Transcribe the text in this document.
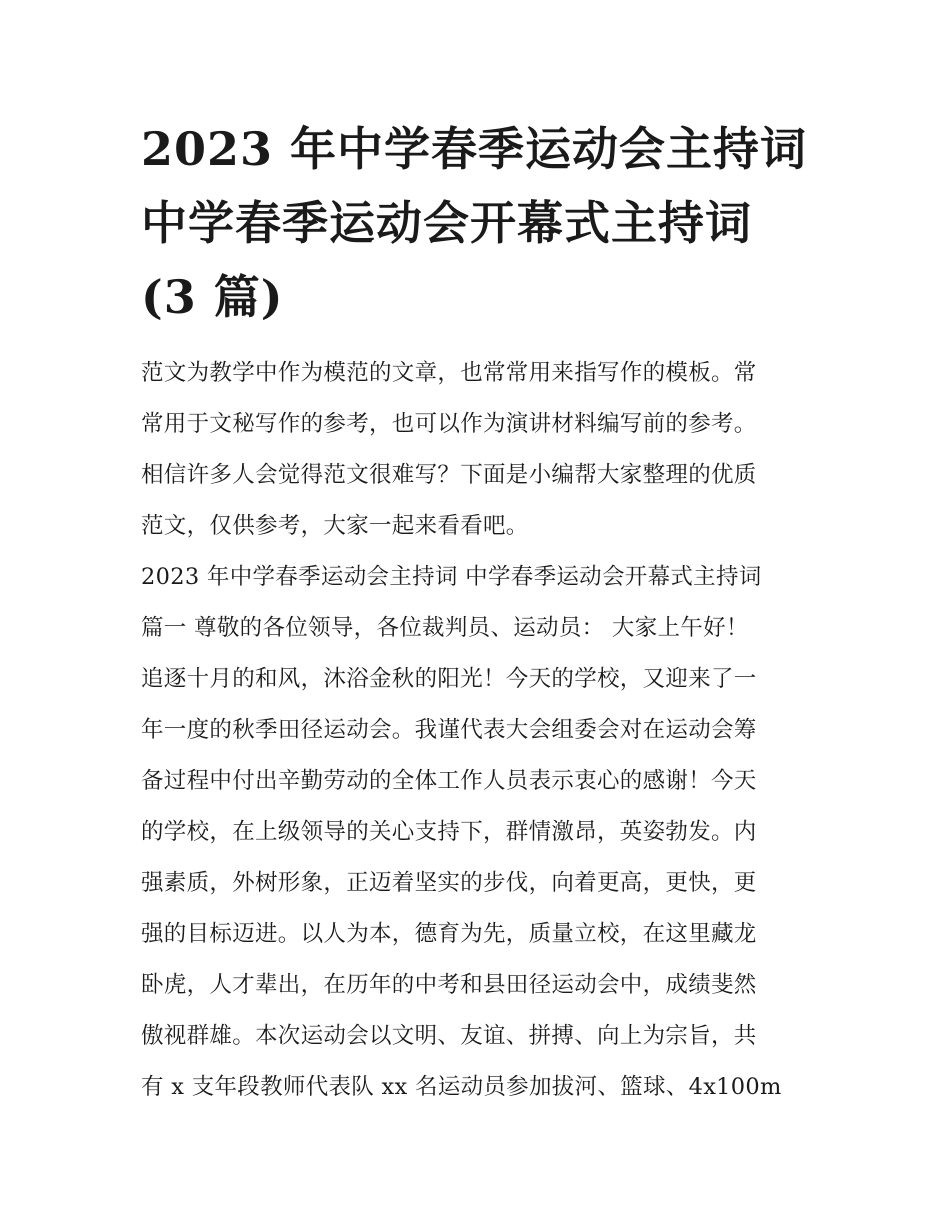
2023 年中学春季运动会主持词
中学春季运动会开幕式主持词
(3 篇)
范文为教学中作为模范的文章，也常常用来指写作的模板。常
常用于文秘写作的参考，也可以作为演讲材料编写前的参考。
相信许多人会觉得范文很难写？下面是小编帮大家整理的优质
范文，仅供参考，大家一起来看看吧。
2023 年中学春季运动会主持词 中学春季运动会开幕式主持词
篇一 尊敬的各位领导，各位裁判员、运动员： 大家上午好！
追逐十月的和风，沐浴金秋的阳光！今天的学校，又迎来了一
年一度的秋季田径运动会。我谨代表大会组委会对在运动会筹
备过程中付出辛勤劳动的全体工作人员表示衷心的感谢！今天
的学校，在上级领导的关心支持下，群情激昂，英姿勃发。内
强素质，外树形象，正迈着坚实的步伐，向着更高，更快，更
强的目标迈进。以人为本，德育为先，质量立校，在这里藏龙
卧虎，人才辈出，在历年的中考和县田径运动会中，成绩斐然
傲视群雄。本次运动会以文明、友谊、拼搏、向上为宗旨，共
有 x 支年段教师代表队 xx 名运动员参加拔河、篮球、4x100m
